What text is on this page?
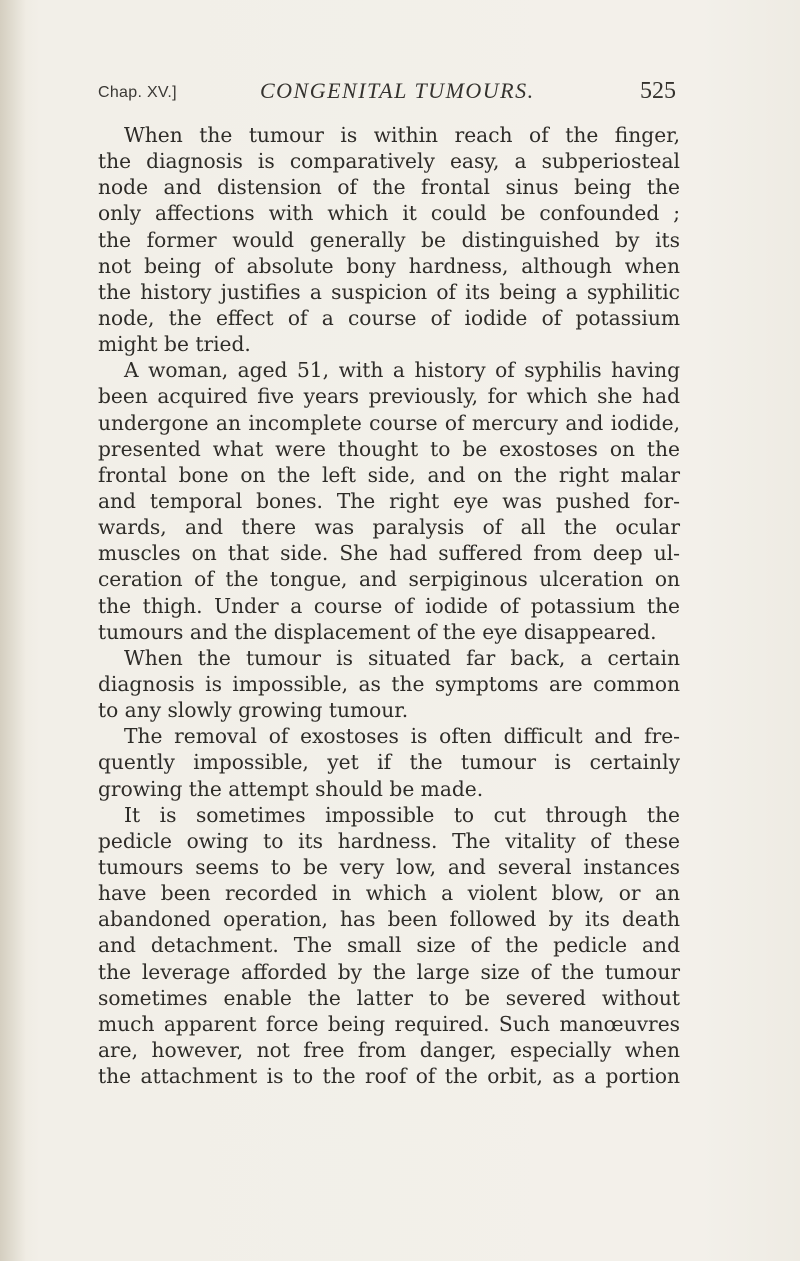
Chap. XV.]	CONGENITAL TUMOURS.	525
When the tumour is within reach of the finger,
the diagnosis is comparatively easy, a subperiosteal
node and distension of the frontal sinus being the
only affections with which it could be confounded ;
the former would generally be distinguished by its
not being of absolute bony hardness, although when
the history justifies a suspicion of its being a syphilitic
node, the effect of a course of iodide of potassium
might be tried.
A woman, aged 51, with a history of syphilis having
been acquired five years previously, for which she had
undergone an incomplete course of mercury and iodide,
presented what were thought to be exostoses on the
frontal bone on the left side, and on the right malar
and temporal bones. The right eye was pushed for-
wards, and there was paralysis of all the ocular
muscles on that side. She had suffered from deep ul-
ceration of the tongue, and serpiginous ulceration on
the thigh. Under a course of iodide of potassium the
tumours and the displacement of the eye disappeared.
When the tumour is situated far back, a certain
diagnosis is impossible, as the symptoms are common
to any slowly growing tumour.
The removal of exostoses is often difficult and fre-
quently impossible, yet if the tumour is certainly
growing the attempt should be made.
It is sometimes impossible to cut through the
pedicle owing to its hardness. The vitality of these
tumours seems to be very low, and several instances
have been recorded in which a violent blow, or an
abandoned operation, has been followed by its death
and detachment. The small size of the pedicle and
the leverage afforded by the large size of the tumour
sometimes enable the latter to be severed without
much apparent force being required. Such manœuvres
are, however, not free from danger, especially when
the attachment is to the roof of the orbit, as a portion
